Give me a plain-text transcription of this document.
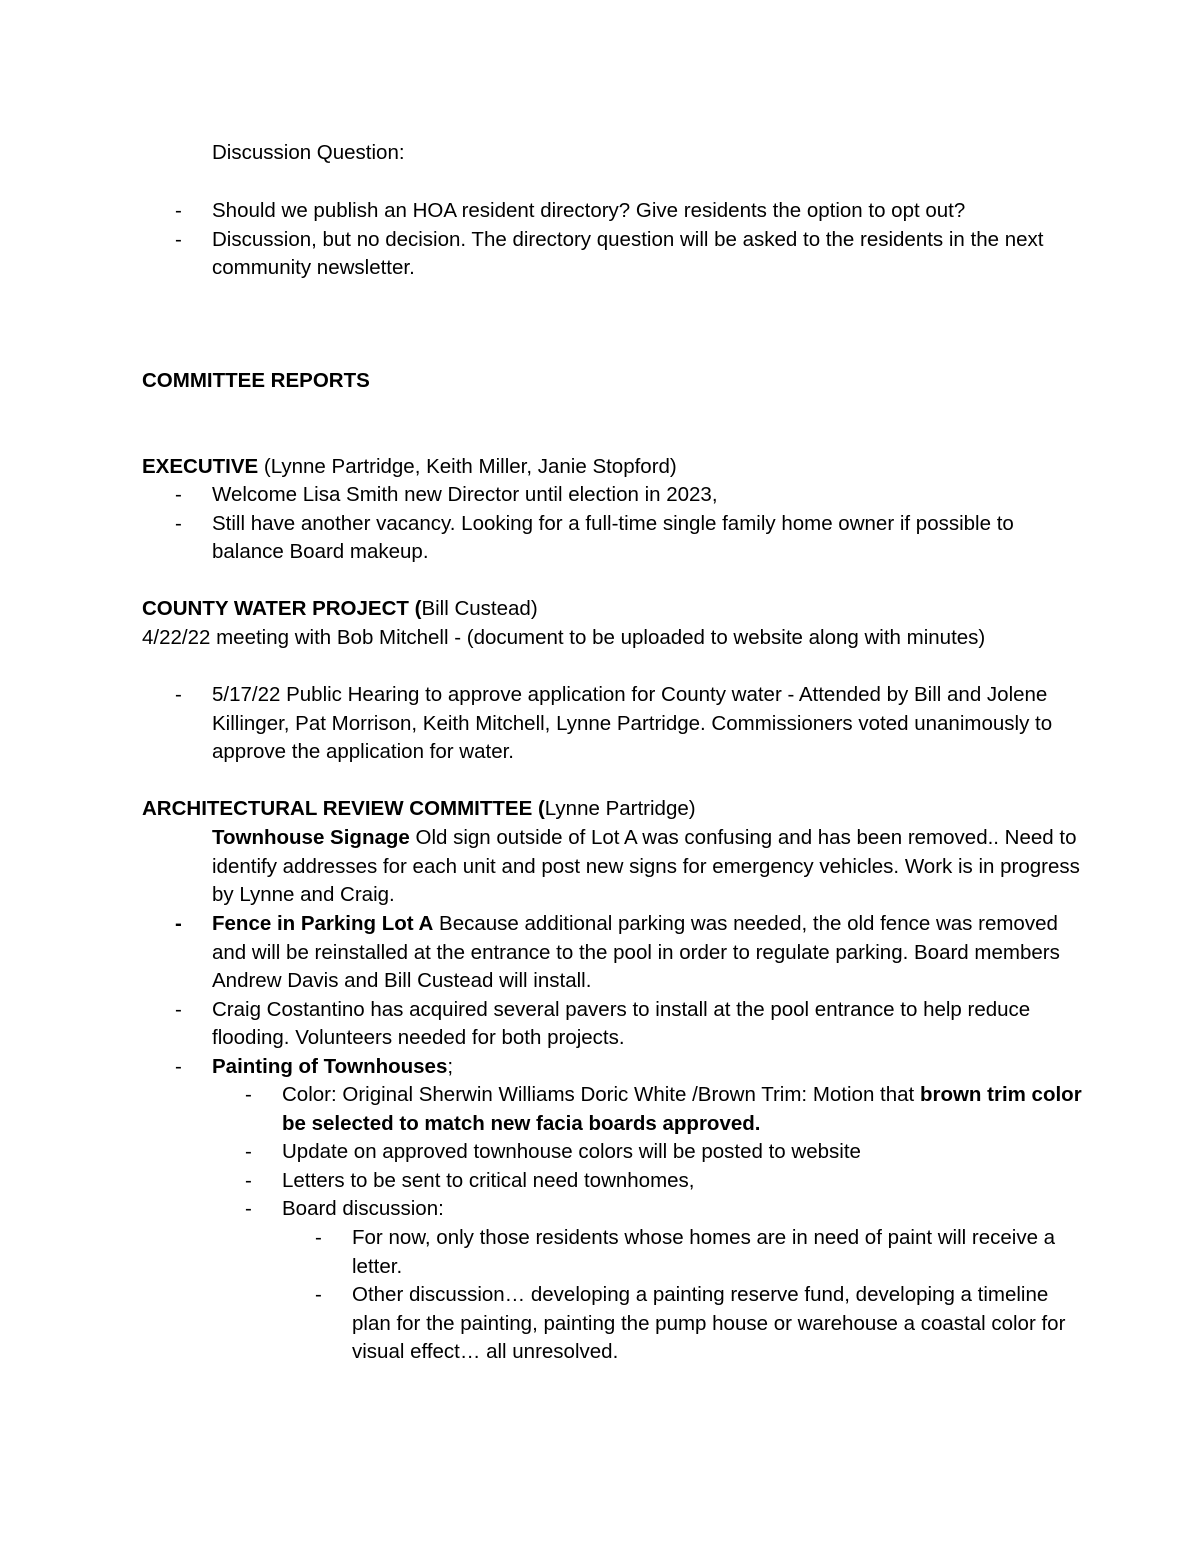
Discussion Question:

- Should we publish an HOA resident directory? Give residents the option to opt out?
- Discussion, but no decision. The directory question will be asked to the residents in the next community newsletter.

COMMITTEE REPORTS

EXECUTIVE (Lynne Partridge, Keith Miller, Janie Stopford)

- Welcome Lisa Smith new Director until election in 2023,
- Still have another vacancy. Looking for a full-time single family home owner if possible to balance Board makeup.

COUNTY WATER PROJECT (Bill Custead)

4/22/22 meeting with Bob Mitchell - (document to be uploaded to website along with minutes)

- 5/17/22 Public Hearing to approve application for County water - Attended by Bill and Jolene Killinger, Pat Morrison, Keith Mitchell, Lynne Partridge. Commissioners voted unanimously to approve the application for water.

ARCHITECTURAL REVIEW COMMITTEE (Lynne Partridge)

Townhouse Signage Old sign outside of Lot A was confusing and has been removed.. Need to identify addresses for each unit and post new signs for emergency vehicles. Work is in progress by Lynne and Craig.

- Fence in Parking Lot A Because additional parking was needed, the old fence was removed and will be reinstalled at the entrance to the pool in order to regulate parking. Board members Andrew Davis and Bill Custead will install.
- Craig Costantino has acquired several pavers to install at the pool entrance to help reduce flooding. Volunteers needed for both projects.
- Painting of Townhouses;
- Color: Original Sherwin Williams Doric White /Brown Trim: Motion that brown trim color be selected to match new facia boards approved.
- Update on approved townhouse colors will be posted to website
- Letters to be sent to critical need townhomes,
- Board discussion:
- For now, only those residents whose homes are in need of paint will receive a letter.
- Other discussion… developing a painting reserve fund, developing a timeline plan for the painting, painting the pump house or warehouse a coastal color for visual effect… all unresolved.
